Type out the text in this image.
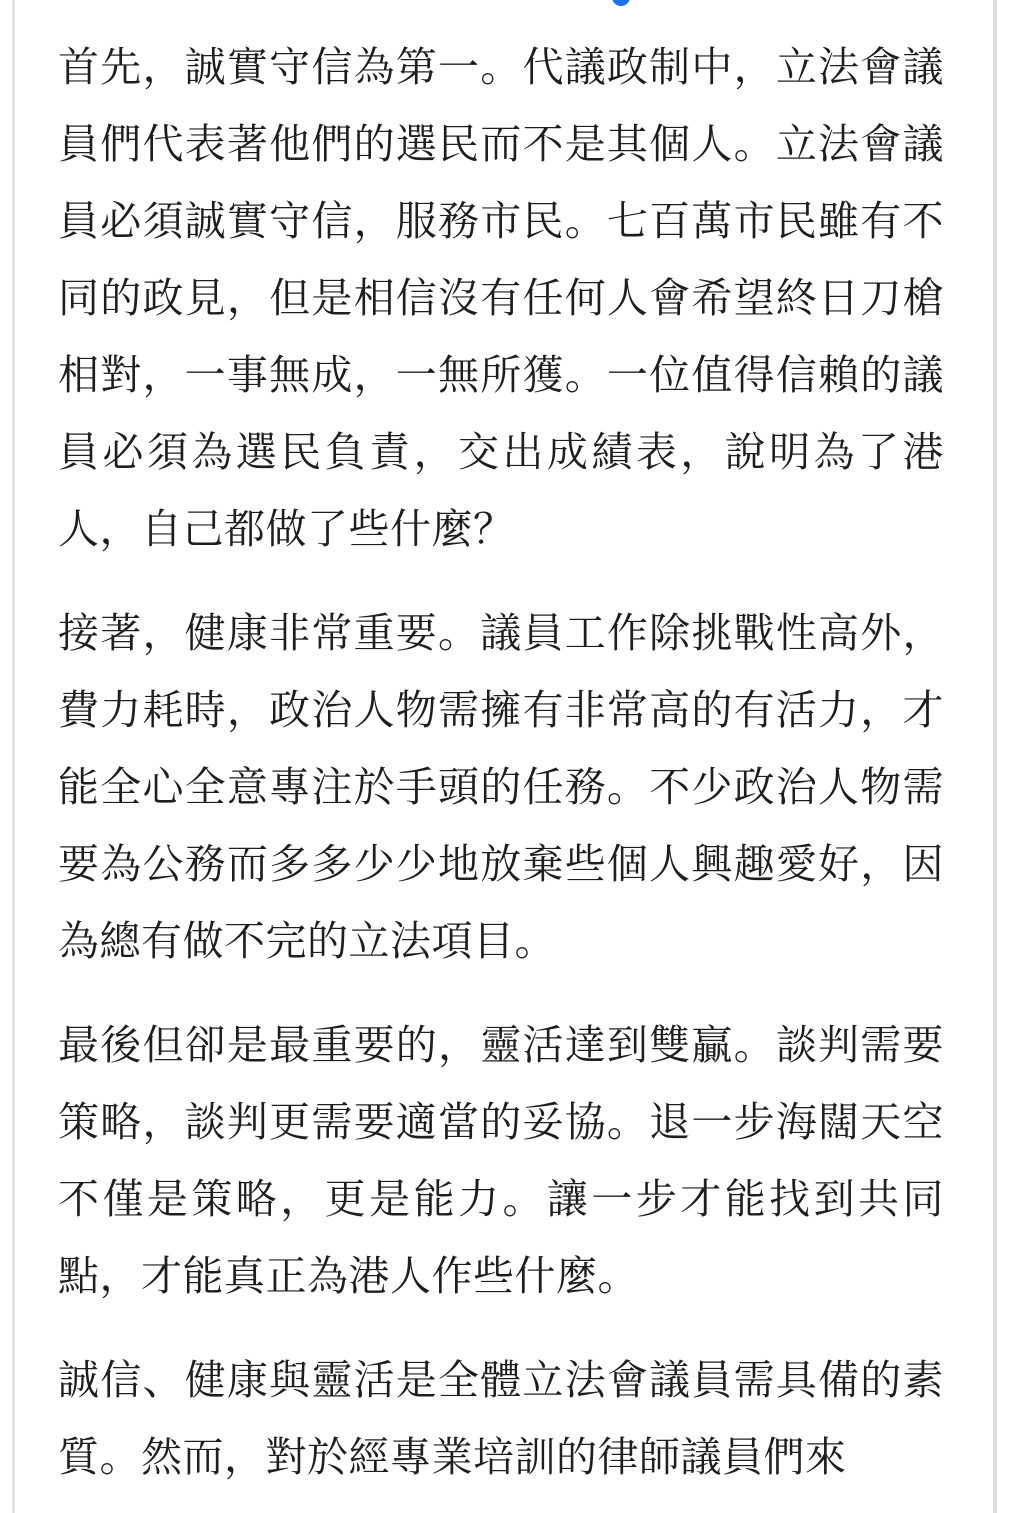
首先，誠實守信為第一。代議政制中，立法會議員們代表著他們的選民而不是其個人。立法會議員必須誠實守信，服務市民。七百萬市民雖有不同的政見，但是相信沒有任何人會希望終日刀槍相對，一事無成，一無所獲。一位值得信賴的議員必須為選民負責，交出成績表，說明為了港人，自己都做了些什麼？

接著，健康非常重要。議員工作除挑戰性高外，費力耗時，政治人物需擁有非常高的有活力，才能全心全意專注於手頭的任務。不少政治人物需要為公務而多多少少地放棄些個人興趣愛好，因為總有做不完的立法項目。

最後但卻是最重要的，靈活達到雙贏。談判需要策略，談判更需要適當的妥協。退一步海闊天空不僅是策略，更是能力。讓一步才能找到共同點，才能真正為港人作些什麼。

誠信、健康與靈活是全體立法會議員需具備的素質。然而，對於經專業培訓的律師議員們來
